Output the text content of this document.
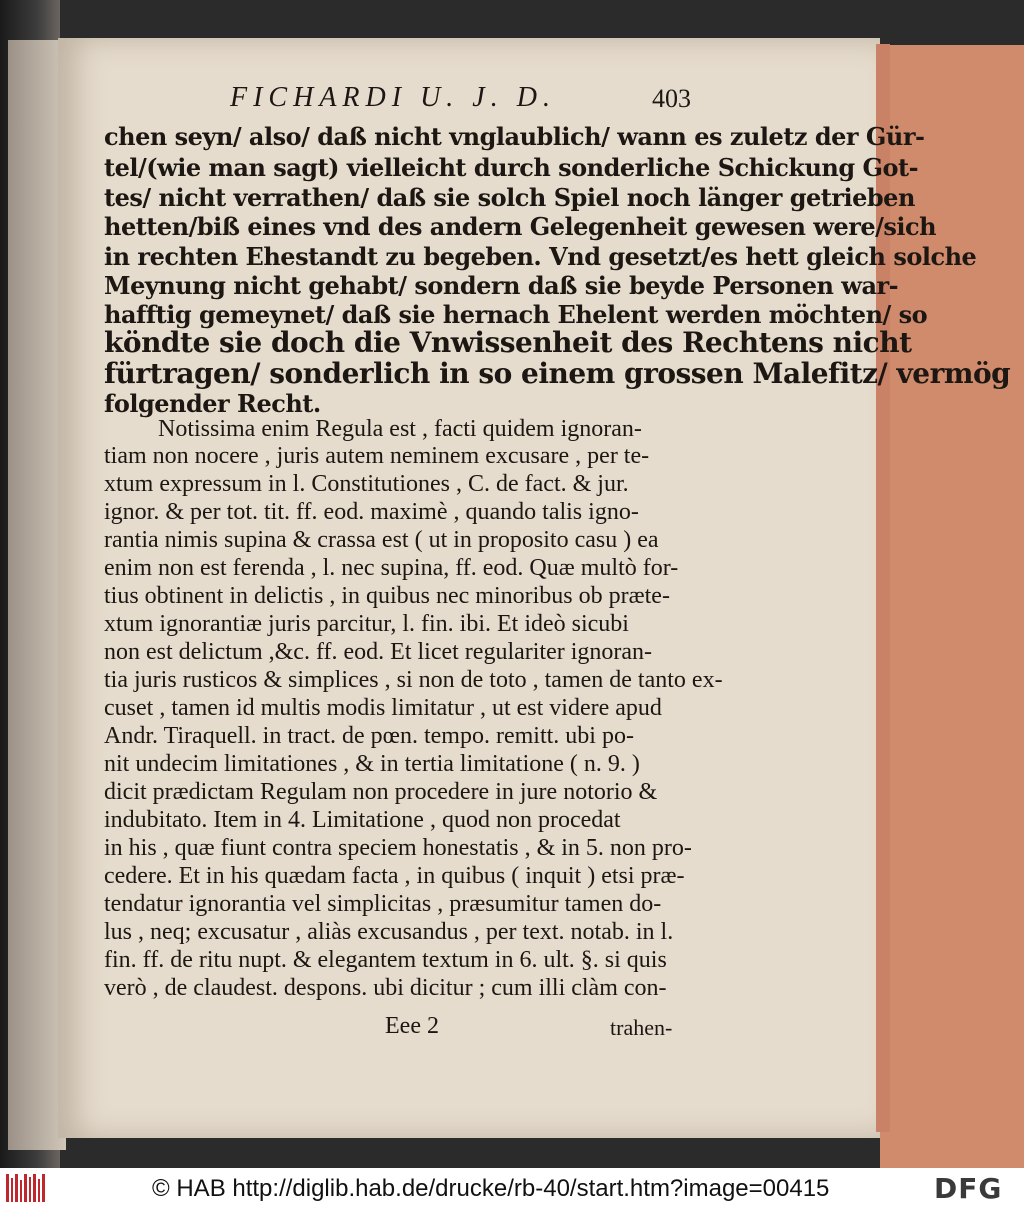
FICHARDI U. J. D.	403
chen seyn/ also/ daß nicht vnglaublich/ wann es zuletz der Gür-
tel/(wie man sagt) vielleicht durch sonderliche Schickung Got-
tes/ nicht verrathen/ daß sie solch Spiel noch länger getrieben
hetten/biß eines vnd des andern Gelegenheit gewesen were/sich
in rechten Ehestandt zu begeben. Vnd gesetzt/es hett gleich solche
Meynung nicht gehabt/ sondern daß sie beyde Personen war-
hafftig gemeynet/ daß sie hernach Ehelent werden möchten/ so
köndte sie doch die Vnwissenheit des Rechtens nicht
fürtragen/ sonderlich in so einem grossen Malefitz/ vermög
folgender Recht.
Notissima enim Regula est , facti quidem ignoran-
tiam non nocere , juris autem neminem excusare , per te-
xtum expressum in l. Constitutiones , C. de fact. & jur.
ignor. & per tot. tit. ff. eod. maximè , quando talis igno-
rantia nimis supina & crassa est ( ut in proposito casu ) ea
enim non est ferenda , l. nec supina, ff. eod. Quæ multò for-
tius obtinent in delictis , in quibus nec minoribus ob præte-
xtum ignorantiæ juris parcitur, l. fin. ibi. Et ideò sicubi
non est delictum ,&c. ff. eod. Et licet regulariter ignoran-
tia juris rusticos & simplices , si non de toto , tamen de tanto ex-
cuset , tamen id multis modis limitatur , ut est videre apud
Andr. Tiraquell. in tract. de pœn. tempo. remitt. ubi po-
nit undecim limitationes , & in tertia limitatione ( n. 9. )
dicit prædictam Regulam non procedere in jure notorio &
indubitato. Item in 4. Limitatione , quod non procedat
in his , quæ fiunt contra speciem honestatis , & in 5. non pro-
cedere. Et in his quædam facta , in quibus ( inquit ) etsi præ-
tendatur ignorantia vel simplicitas , præsumitur tamen do-
lus , neq; excusatur , aliàs excusandus , per text. notab. in l.
fin. ff. de ritu nupt. & elegantem textum in 6. ult. §. si quis
verò , de claudest. despons. ubi dicitur ; cum illi clàm con-
Eee 2	trahen-
© HAB http://diglib.hab.de/drucke/rb-40/start.htm?image=00415	DFG
